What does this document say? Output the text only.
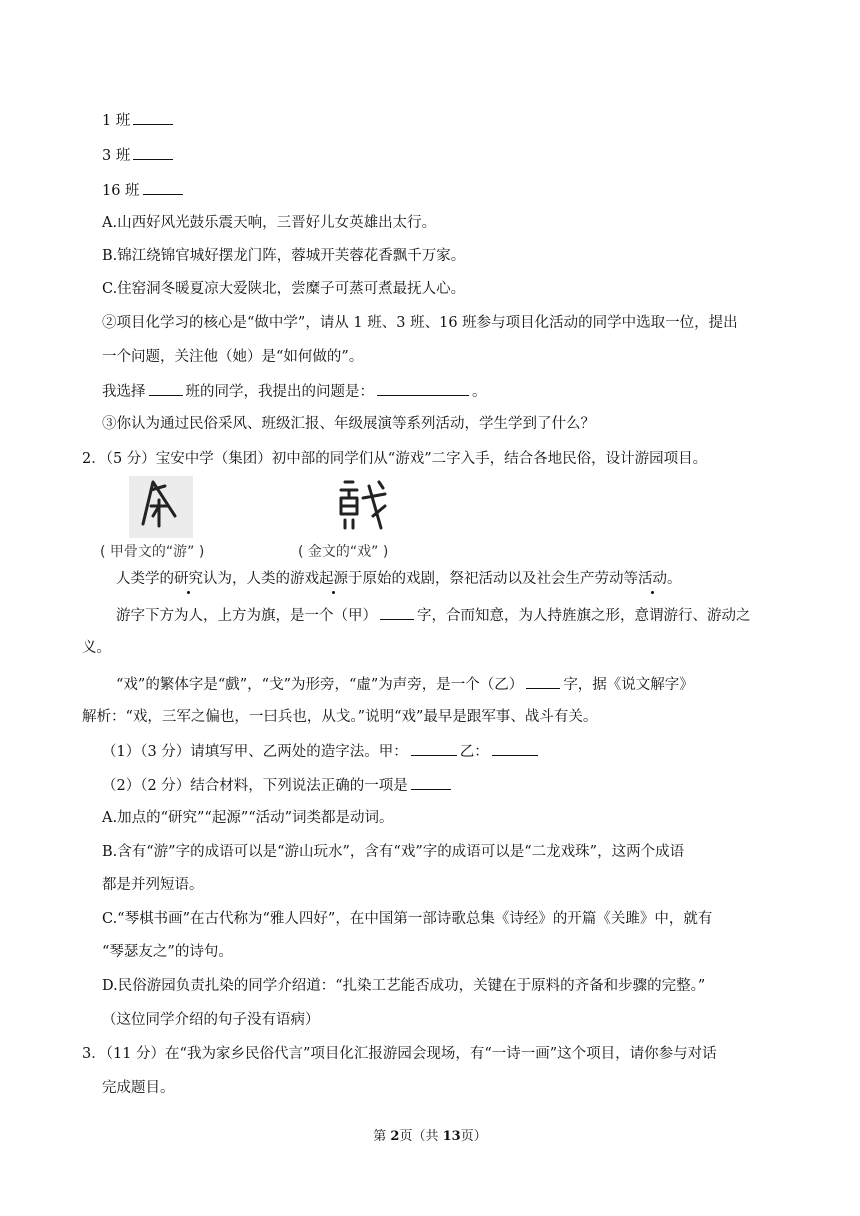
1 班
3 班
16 班
A.山西好风光鼓乐震天响，三晋好儿女英雄出太行。
B.锦江绕锦官城好摆龙门阵，蓉城开芙蓉花香飘千万家。
C.住窑洞冬暖夏凉大爱陕北，尝糜子可蒸可煮最抚人心。
②项目化学习的核心是“做中学”，请从 1 班、3 班、16 班参与项目化活动的同学中选取一位，提出
一个问题，关注他（她）是“如何做的”。
我选择	班的同学，我提出的问题是：	。
③你认为通过民俗采风、班级汇报、年级展演等系列活动，学生学到了什么？
2．（5 分）宝安中学（集团）初中部的同学们从“游戏”二字入手，结合各地民俗，设计游园项目。
( 甲骨文的“游” )	( 金文的“戏” )
人类学的研究认为，人类的游戏起源于原始的戏剧，祭祀活动以及社会生产劳动等活动。
游字下方为人，上方为旗，是一个（甲）	字，合而知意，为人持旌旗之形，意谓游行、游动之
义。
“戏”的繁体字是“戲”，“戈”为形旁，“虛”为声旁，是一个（乙）	字，据《说文解字》
解析：“戏，三军之偏也，一曰兵也，从戈。”说明“戏”最早是跟军事、战斗有关。
（1）（3 分）请填写甲、乙两处的造字法。甲：	乙：
（2）（2 分）结合材料，下列说法正确的一项是
A.加点的“研究”“起源”“活动”词类都是动词。
B.含有“游”字的成语可以是“游山玩水”，含有“戏”字的成语可以是“二龙戏珠”，这两个成语
都是并列短语。
C.“琴棋书画”在古代称为“雅人四好”，在中国第一部诗歌总集《诗经》的开篇《关雎》中，就有
“琴瑟友之”的诗句。
D.民俗游园负责扎染的同学介绍道：“扎染工艺能否成功，关键在于原料的齐备和步骤的完整。”
（这位同学介绍的句子没有语病）
3．（11 分）在“我为家乡民俗代言”项目化汇报游园会现场，有“一诗一画”这个项目，请你参与对话
完成题目。
第 2页（共 13页）
